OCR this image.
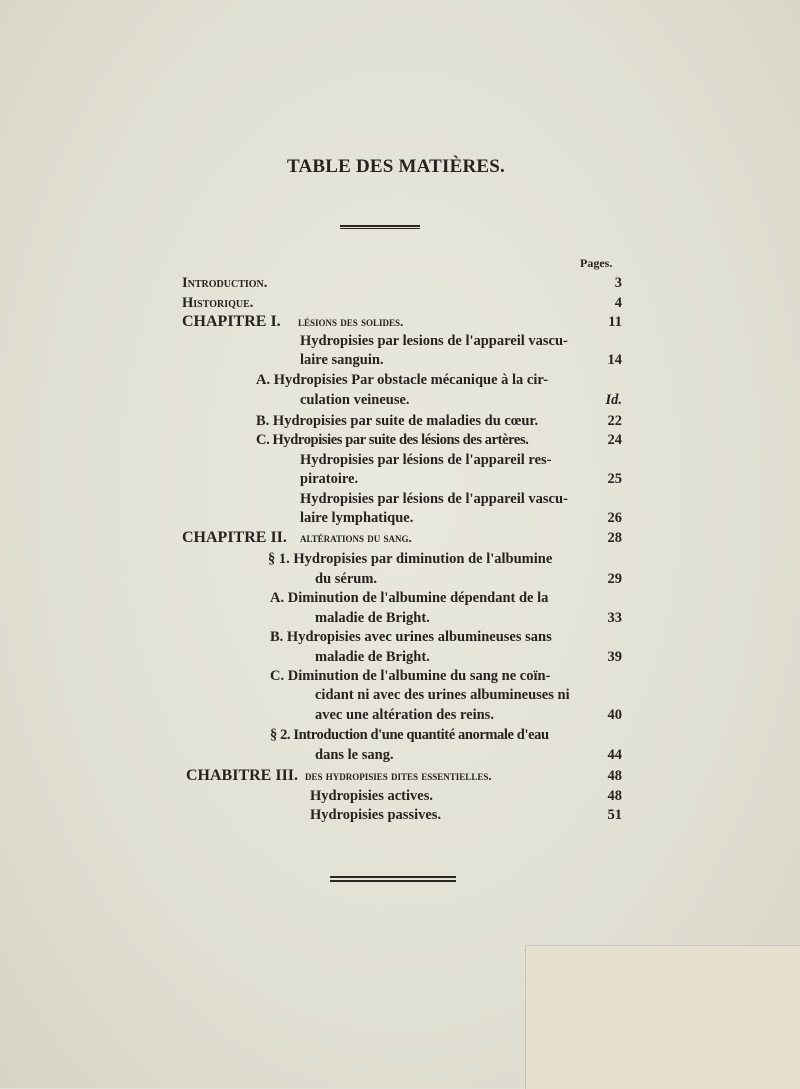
TABLE DES MATIÈRES.
Pages.
Introduction.	3
Historique.	4
CHAPITRE I. lésions des solides.	11
Hydropisies par lesions de l'appareil vascu-
laire sanguin.	14
A. Hydropisies Par obstacle mécanique à la cir-
culation veineuse.	Id.
B. Hydropisies par suite de maladies du cœur.	22
C. Hydropisies par suite des lésions des artères.	24
Hydropisies par lésions de l'appareil res-
piratoire.	25
Hydropisies par lésions de l'appareil vascu-
laire lymphatique.	26
CHAPITRE II. altérations du sang.	28
§ 1. Hydropisies par diminution de l'albumine
du sérum.	29
A. Diminution de l'albumine dépendant de la
maladie de Bright.	33
B. Hydropisies avec urines albumineuses sans
maladie de Bright.	39
C. Diminution de l'albumine du sang ne coïn-
cidant ni avec des urines albumineuses ni
avec une altération des reins.	40
§ 2. Introduction d'une quantité anormale d'eau
dans le sang.	44
CHABITRE III. des hydropisies dites essentielles.	48
Hydropisies actives.	48
Hydropisies passives.	51
